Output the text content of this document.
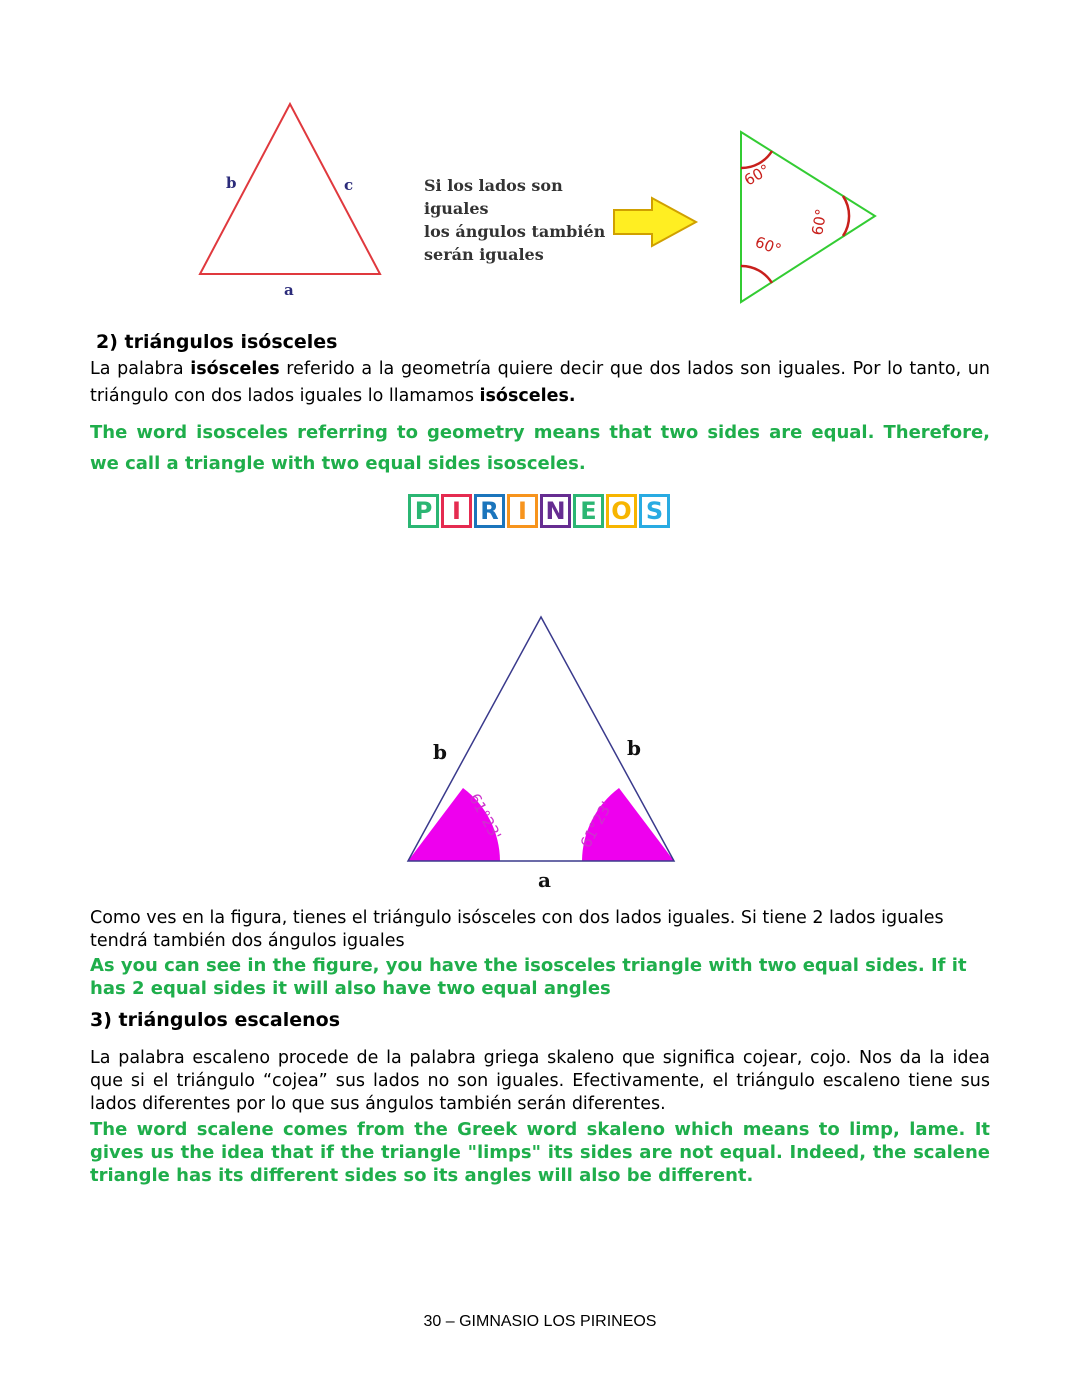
b	c
a
60°
60°
60°
Si los lados son iguales
los ángulos también
serán iguales
2) triángulos isósceles
La palabra isósceles referido a la geometría quiere decir que dos lados son iguales. Por lo tanto, un triángulo con dos lados iguales lo llamamos isósceles.
The word isosceles referring to geometry means that two sides are equal. Therefore, we call a triangle with two equal sides isosceles.
P I R I N E O S
61°23'	61°23'
b	b
a
Como ves en la figura, tienes el triángulo isósceles con dos lados iguales. Si tiene 2 lados iguales tendrá también dos ángulos iguales
As you can see in the figure, you have the isosceles triangle with two equal sides. If it has 2 equal sides it will also have two equal angles
3) triángulos escalenos
La palabra escaleno procede de la palabra griega skaleno que significa cojear, cojo. Nos da la idea que si el triángulo “cojea” sus lados no son iguales. Efectivamente, el triángulo escaleno tiene sus lados diferentes por lo que sus ángulos también serán diferentes.
The word scalene comes from the Greek word skaleno which means to limp, lame. It gives us the idea that if the triangle "limps" its sides are not equal. Indeed, the scalene triangle has its different sides so its angles will also be different.
30 – GIMNASIO LOS PIRINEOS
